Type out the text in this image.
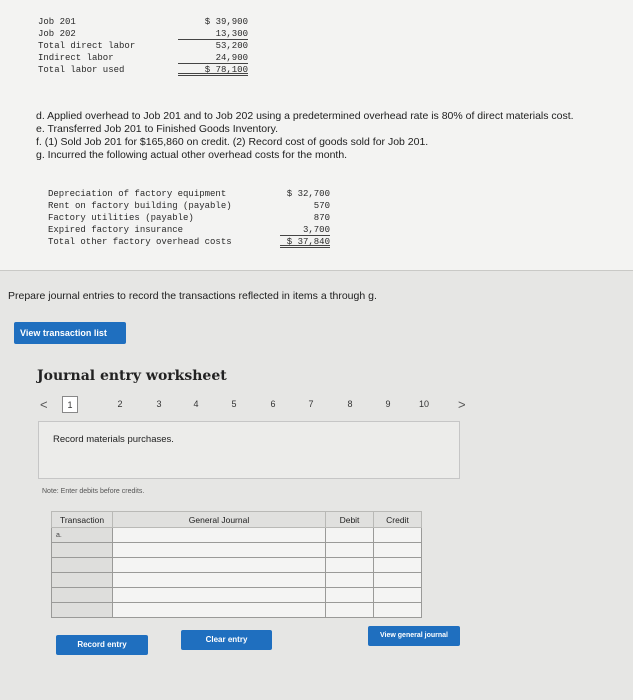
Job 201	$ 39,900
Job 202	13,300
Total direct labor	53,200
Indirect labor	24,900
Total labor used	$ 78,100
d. Applied overhead to Job 201 and to Job 202 using a predetermined overhead rate is 80% of direct materials cost.
e. Transferred Job 201 to Finished Goods Inventory.
f. (1) Sold Job 201 for $165,860 on credit. (2) Record cost of goods sold for Job 201.
g. Incurred the following actual other overhead costs for the month.
Depreciation of factory equipment	$ 32,700
Rent on factory building (payable)	570
Factory utilities (payable)	870
Expired factory insurance	3,700
Total other factory overhead costs	$ 37,840
Prepare journal entries to record the transactions reflected in items a through g.
View transaction list
Journal entry worksheet
<	1	2	3	4	5	6	7	8	9	10 >
Record materials purchases.
Note: Enter debits before credits.
Transaction	General Journal	Debit	Credit
a.			

Record entry
Clear entry	View general journal
